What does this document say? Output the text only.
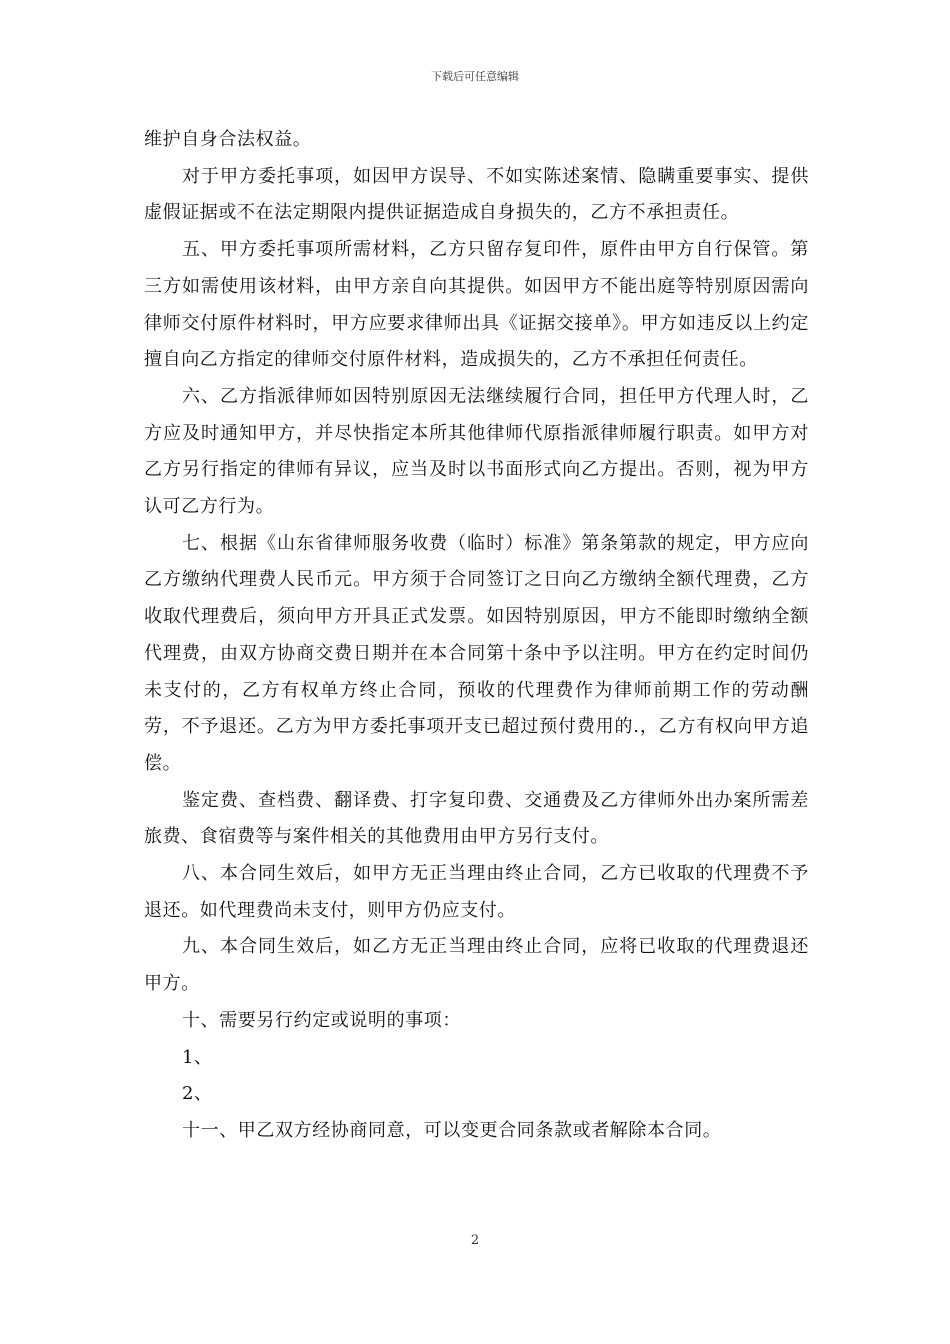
下载后可任意编辑

维护自身合法权益。

对于甲方委托事项，如因甲方误导、不如实陈述案情、隐瞒重要事实、提供虚假证据或不在法定期限内提供证据造成自身损失的，乙方不承担责任。

五、甲方委托事项所需材料，乙方只留存复印件，原件由甲方自行保管。第三方如需使用该材料，由甲方亲自向其提供。如因甲方不能出庭等特别原因需向律师交付原件材料时，甲方应要求律师出具《证据交接单》。甲方如违反以上约定擅自向乙方指定的律师交付原件材料，造成损失的，乙方不承担任何责任。

六、乙方指派律师如因特别原因无法继续履行合同，担任甲方代理人时，乙方应及时通知甲方，并尽快指定本所其他律师代原指派律师履行职责。如甲方对乙方另行指定的律师有异议，应当及时以书面形式向乙方提出。否则，视为甲方认可乙方行为。

七、根据《山东省律师服务收费（临时）标准》第条第款的规定，甲方应向乙方缴纳代理费人民币元。甲方须于合同签订之日向乙方缴纳全额代理费，乙方收取代理费后，须向甲方开具正式发票。如因特别原因，甲方不能即时缴纳全额代理费，由双方协商交费日期并在本合同第十条中予以注明。甲方在约定时间仍未支付的，乙方有权单方终止合同，预收的代理费作为律师前期工作的劳动酬劳，不予退还。乙方为甲方委托事项开支已超过预付费用的.，乙方有权向甲方追偿。

鉴定费、查档费、翻译费、打字复印费、交通费及乙方律师外出办案所需差旅费、食宿费等与案件相关的其他费用由甲方另行支付。

八、本合同生效后，如甲方无正当理由终止合同，乙方已收取的代理费不予退还。如代理费尚未支付，则甲方仍应支付。

九、本合同生效后，如乙方无正当理由终止合同，应将已收取的代理费退还甲方。

十、需要另行约定或说明的事项：

1、

2、

十一、甲乙双方经协商同意，可以变更合同条款或者解除本合同。

2
